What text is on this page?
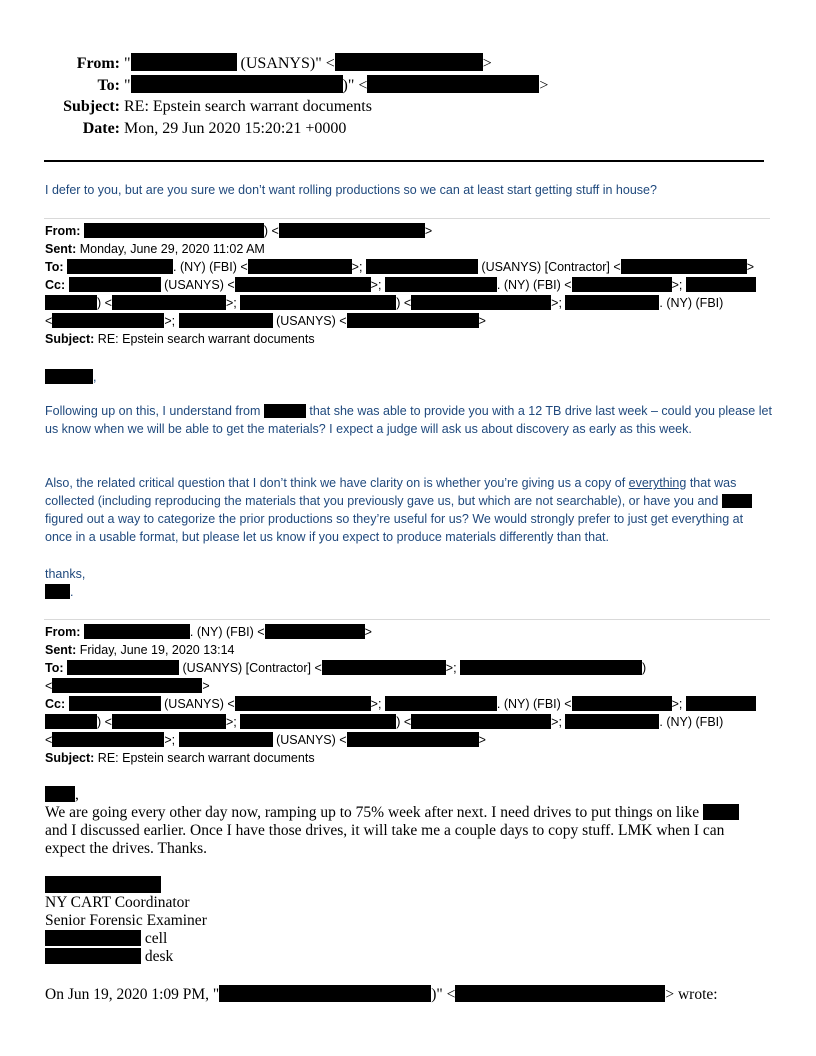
From: "	(USANYS)" <	>
To: "	)" <	>
Subject: RE: Epstein search warrant documents
Date: Mon, 29 Jun 2020 15:20:21 +0000
I defer to you, but are you sure we don’t want rolling productions so we can at least start getting stuff in house?
From:	) <	>
Sent: Monday, June 29, 2020 11:02 AM
To:	. (NY) (FBI) <	>;	(USANYS) [Contractor] <	>
Cc:	(USANYS) <	>;	. (NY) (FBI) <	>;
) <	>;	) <	>;	. (NY) (FBI)
<	>;	(USANYS) <	>
Subject: RE: Epstein search warrant documents
,

Following up on this, I understand from	that she was able to provide you with a 12 TB drive last week – could you please let us know when we will be able to get the materials? I expect a judge will ask us about discovery as early as this week.

Also, the related critical question that I don’t think we have clarity on is whether you’re giving us a copy of everything that was collected (including reproducing the materials that you previously gave us, but which are not searchable), or have you and  figured out a way to categorize the prior productions so they’re useful for us? We would strongly prefer to just get everything at once in a usable format, but please let us know if you expect to produce materials differently than that.

thanks,
.
From:	. (NY) (FBI) <	>
Sent: Friday, June 19, 2020 13:14
To:	(USANYS) [Contractor] <	>;	)
<	>
Cc:	(USANYS) <	>;	. (NY) (FBI) <	>;
) <	>;	) <	>;	. (NY) (FBI)
<	>;	(USANYS) <	>
Subject: RE: Epstein search warrant documents
,

We are going every other day now, ramping up to 75% week after next. I need drives to put things on like  and I discussed earlier. Once I have those drives, it will take me a couple days to copy stuff. LMK when I can expect the drives. Thanks.

NY CART Coordinator
Senior Forensic Examiner
cell
desk
On Jun 19, 2020 1:09 PM, "	)" <	> wrote:
